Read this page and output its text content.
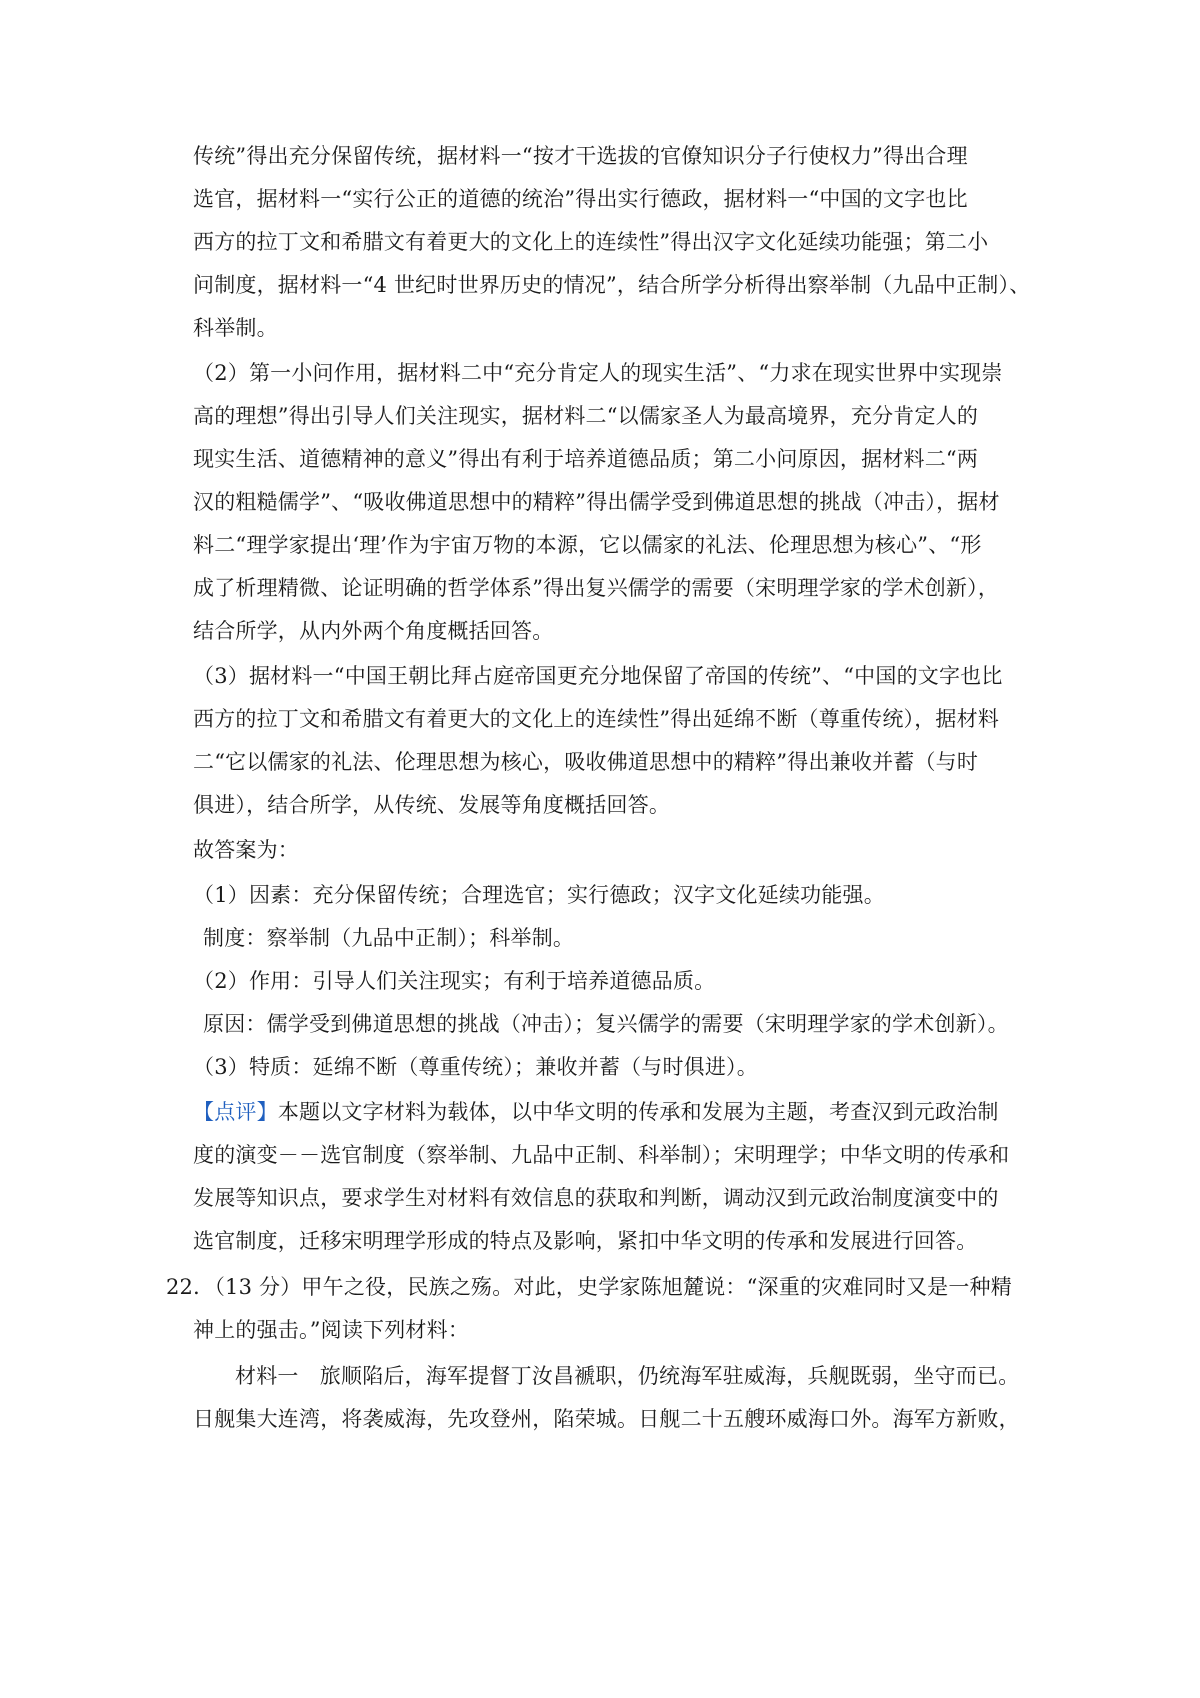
传统”得出充分保留传统，据材料一“按才干选拔的官僚知识分子行使权力”得出合理
选官，据材料一“实行公正的道德的统治”得出实行德政，据材料一“中国的文字也比
西方的拉丁文和希腊文有着更大的文化上的连续性”得出汉字文化延续功能强；第二小
问制度，据材料一“4 世纪时世界历史的情况”，结合所学分析得出察举制（九品中正制）、
科举制。
（2）第一小问作用，据材料二中“充分肯定人的现实生活”、“力求在现实世界中实现崇
高的理想”得出引导人们关注现实，据材料二“以儒家圣人为最高境界，充分肯定人的
现实生活、道德精神的意义”得出有利于培养道德品质；第二小问原因，据材料二“两
汉的粗糙儒学”、“吸收佛道思想中的精粹”得出儒学受到佛道思想的挑战（冲击），据材
料二“理学家提出‘理’作为宇宙万物的本源，它以儒家的礼法、伦理思想为核心”、“形
成了析理精微、论证明确的哲学体系”得出复兴儒学的需要（宋明理学家的学术创新），
结合所学，从内外两个角度概括回答。
（3）据材料一“中国王朝比拜占庭帝国更充分地保留了帝国的传统”、“中国的文字也比
西方的拉丁文和希腊文有着更大的文化上的连续性”得出延绵不断（尊重传统），据材料
二“它以儒家的礼法、伦理思想为核心，吸收佛道思想中的精粹”得出兼收并蓄（与时
俱进），结合所学，从传统、发展等角度概括回答。
故答案为：
（1）因素：充分保留传统；合理选官；实行德政；汉字文化延续功能强。
制度：察举制（九品中正制）；科举制。
（2）作用：引导人们关注现实；有利于培养道德品质。
原因：儒学受到佛道思想的挑战（冲击）；复兴儒学的需要（宋明理学家的学术创新）。
（3）特质：延绵不断（尊重传统）；兼收并蓄（与时俱进）。
【点评】本题以文字材料为载体，以中华文明的传承和发展为主题，考查汉到元政治制
度的演变－－选官制度（察举制、九品中正制、科举制）；宋明理学；中华文明的传承和
发展等知识点，要求学生对材料有效信息的获取和判断，调动汉到元政治制度演变中的
选官制度，迁移宋明理学形成的特点及影响，紧扣中华文明的传承和发展进行回答。
22．（13 分）甲午之役，民族之殇。对此，史学家陈旭麓说：“深重的灾难同时又是一种精
神上的强击。”阅读下列材料：
材料一　旅顺陷后，海军提督丁汝昌褫职，仍统海军驻威海，兵舰既弱，坐守而已。
日舰集大连湾，将袭威海，先攻登州，陷荣城。日舰二十五艘环威海口外。海军方新败，
